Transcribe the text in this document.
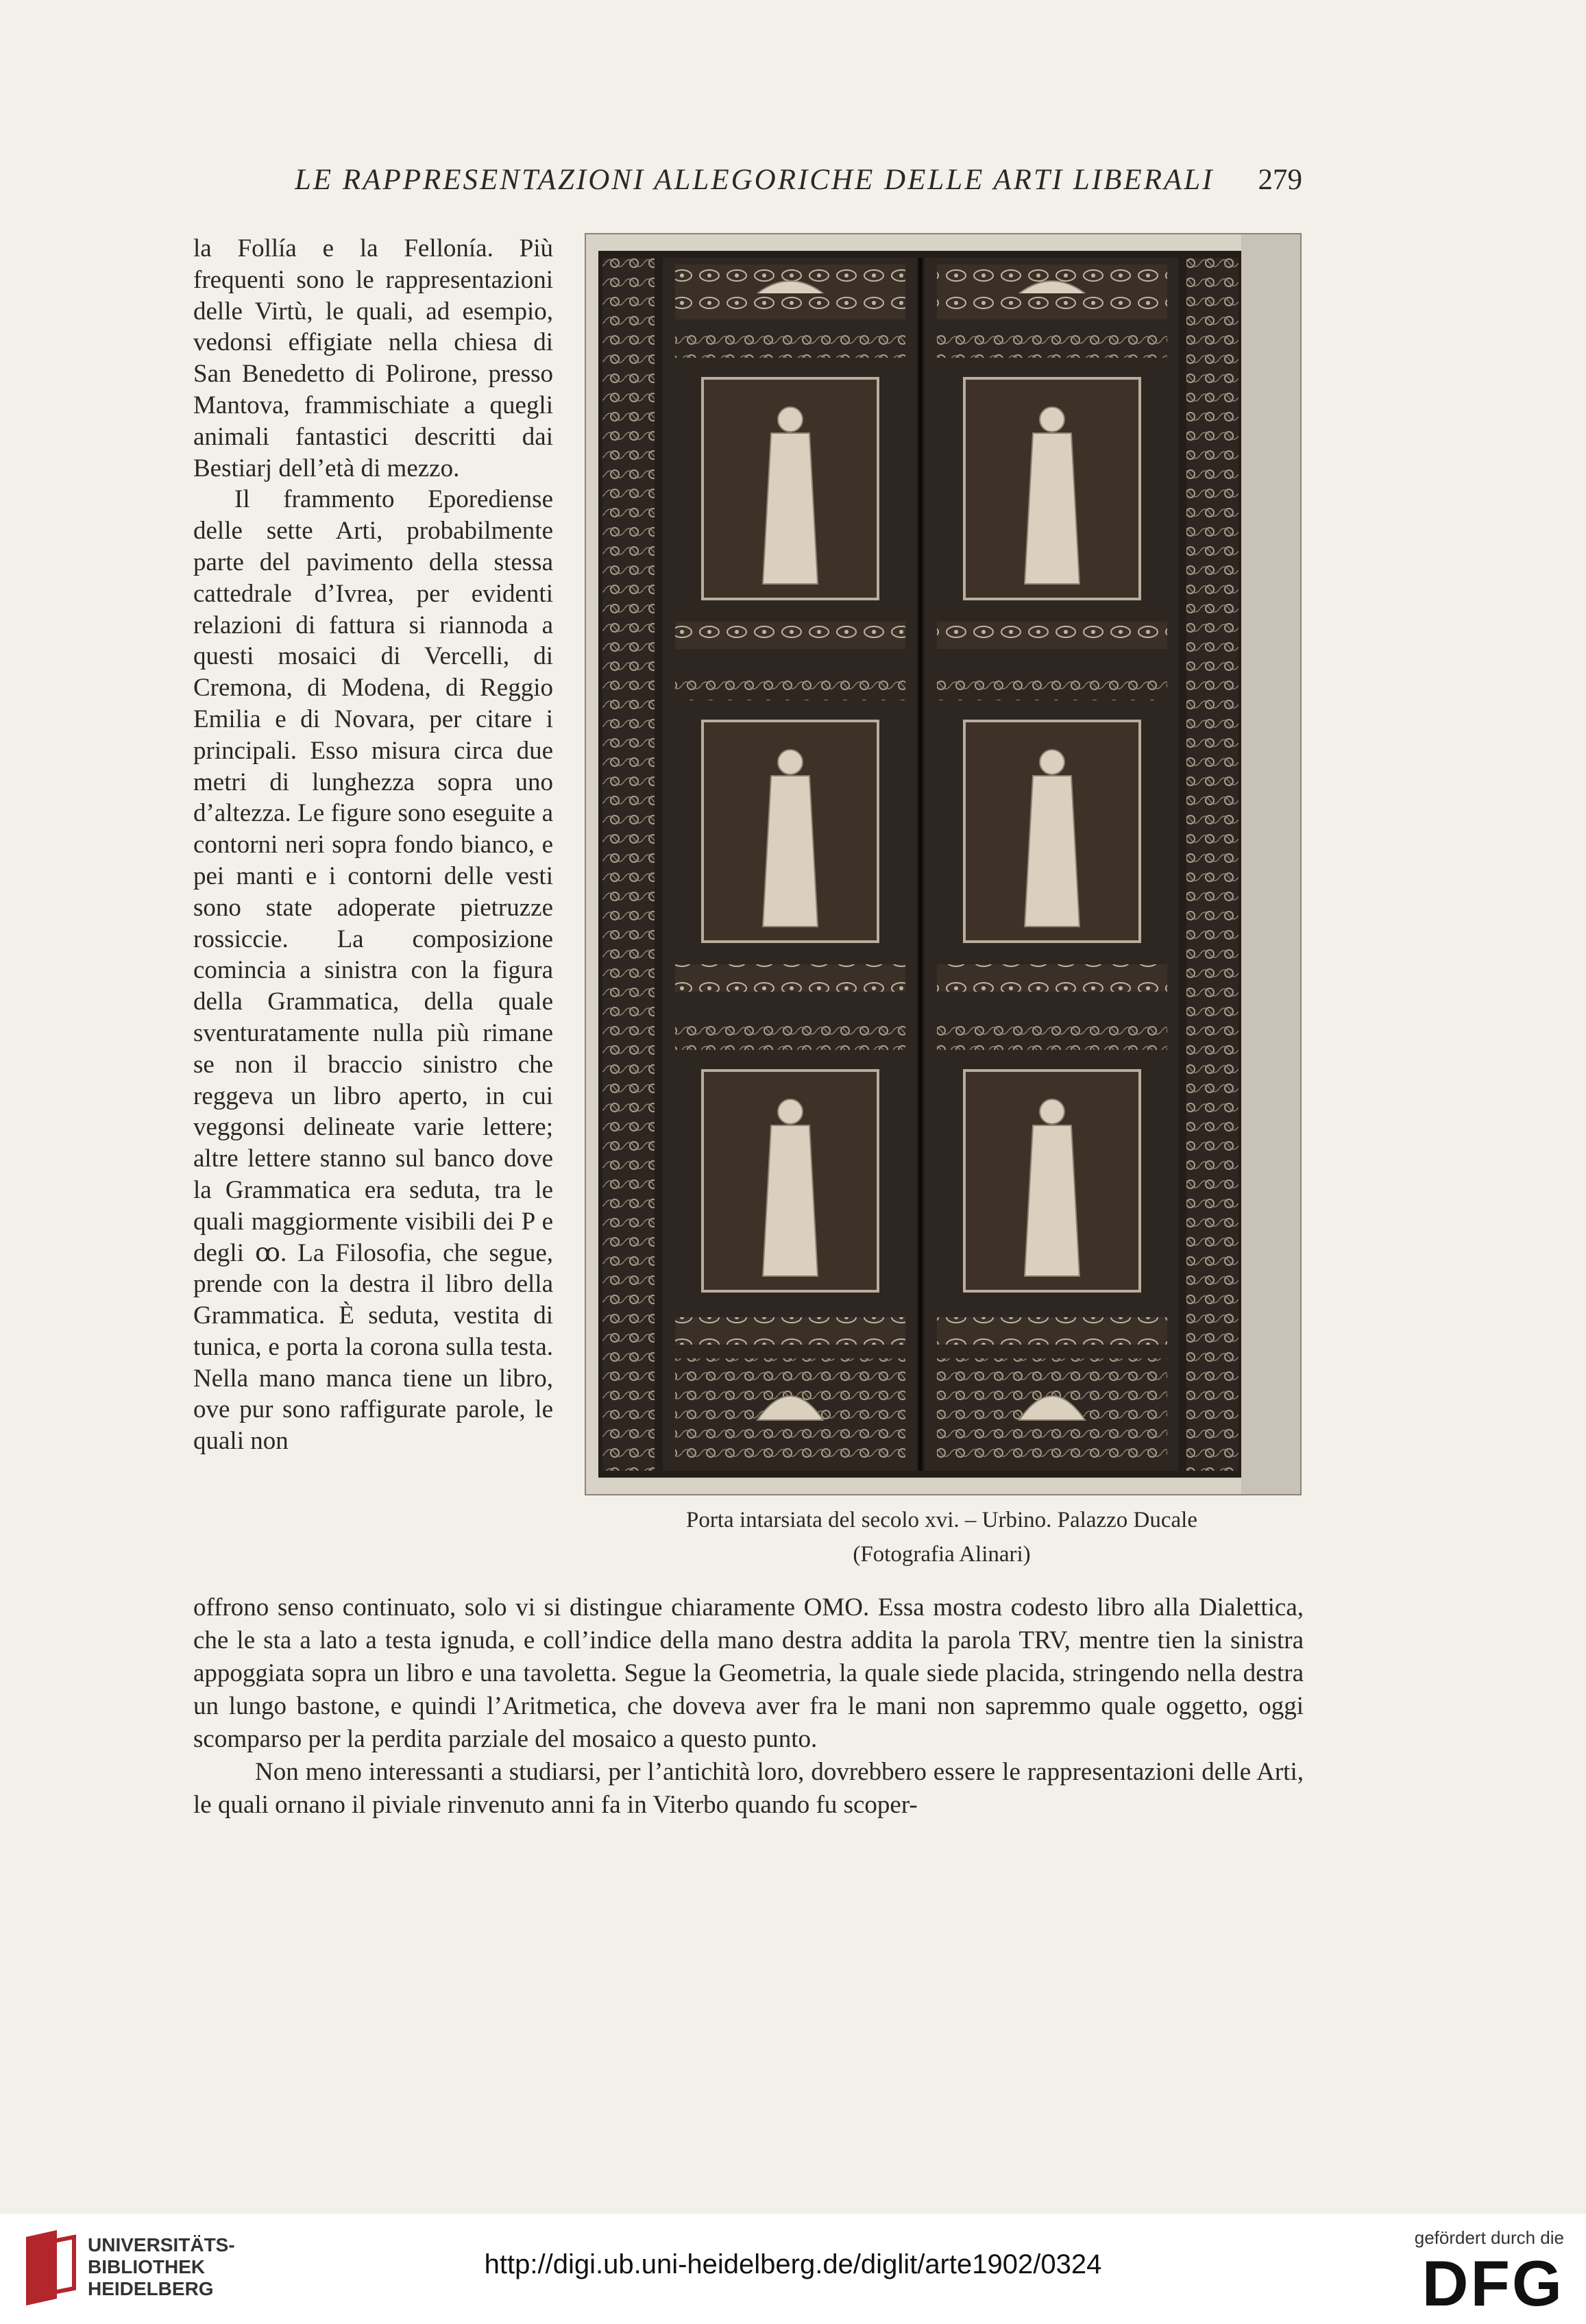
LE RAPPRESENTAZIONI ALLEGORICHE DELLE ARTI LIBERALI 279

la Follía e la Fellonía. Più frequenti sono le rappresentazioni delle Virtù, le quali, ad esempio, vedonsi effigiate nella chiesa di San Benedetto di Polirone, presso Mantova, frammischiate a quegli animali fantastici descritti dai Bestiarj dell’età di mezzo.

Il frammento Eporediense delle sette Arti, probabilmente parte del pavimento della stessa cattedrale d’Ivrea, per evidenti relazioni di fattura si riannoda a questi mosaici di Vercelli, di Cremona, di Modena, di Reggio Emilia e di Novara, per citare i principali. Esso misura circa due metri di lunghezza sopra uno d’altezza. Le figure sono eseguite a contorni neri sopra fondo bianco, e pei manti e i contorni delle vesti sono state adoperate pietruzze rossiccie. La composizione comincia a sinistra con la figura della Grammatica, della quale sventuratamente nulla più rimane se non il braccio sinistro che reggeva un libro aperto, in cui veggonsi delineate varie lettere; altre lettere stanno sul banco dove la Grammatica era seduta, tra le quali maggiormente visibili dei P e degli ꝏ. La Filosofia, che segue, prende con la destra il libro della Grammatica. È seduta, vestita di tunica, e porta la corona sulla testa. Nella mano manca tiene un libro, ove pur sono raffigurate parole, le quali non

Porta intarsiata del secolo xvi. – Urbino. Palazzo Ducale
(Fotografia Alinari)

offrono senso continuato, solo vi si distingue chiaramente OMO. Essa mostra codesto libro alla Dialettica, che le sta a lato a testa ignuda, e coll’indice della mano destra addita la parola TRV, mentre tien la sinistra appoggiata sopra un libro e una tavoletta. Segue la Geometria, la quale siede placida, stringendo nella destra un lungo bastone, e quindi l’Aritmetica, che doveva aver fra le mani non sapremmo quale oggetto, oggi scomparso per la perdita parziale del mosaico a questo punto.

Non meno interessanti a studiarsi, per l’antichità loro, dovrebbero essere le rappresentazioni delle Arti, le quali ornano il piviale rinvenuto anni fa in Viterbo quando fu scoper-

UNIVERSITÄTS-
BIBLIOTHEK
HEIDELBERG
http://digi.ub.uni-heidelberg.de/diglit/arte1902/0324
gefördert durch die
DFG
